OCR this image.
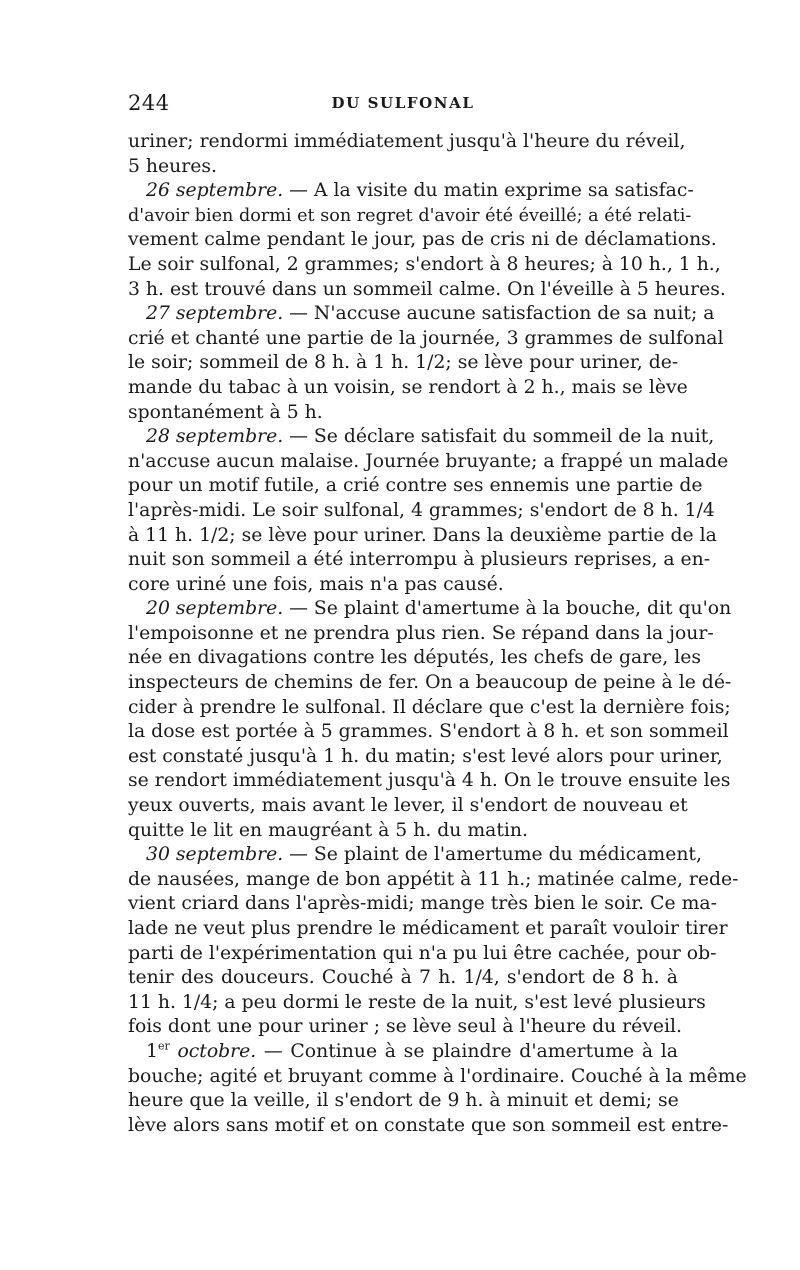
244	DU SULFONAL
uriner; rendormi immédiatement jusqu'à l'heure du réveil,
5 heures.
26 septembre. — A la visite du matin exprime sa satisfac-
d'avoir bien dormi et son regret d'avoir été éveillé; a été relati-
vement calme pendant le jour, pas de cris ni de déclamations.
Le soir sulfonal, 2 grammes; s'endort à 8 heures; à 10 h., 1 h.,
3 h. est trouvé dans un sommeil calme. On l'éveille à 5 heures.
27 septembre. — N'accuse aucune satisfaction de sa nuit; a
crié et chanté une partie de la journée, 3 grammes de sulfonal
le soir; sommeil de 8 h. à 1 h. 1/2; se lève pour uriner, de-
mande du tabac à un voisin, se rendort à 2 h., mais se lève
spontanément à 5 h.
28 septembre. — Se déclare satisfait du sommeil de la nuit,
n'accuse aucun malaise. Journée bruyante; a frappé un malade
pour un motif futile, a crié contre ses ennemis une partie de
l'après-midi. Le soir sulfonal, 4 grammes; s'endort de 8 h. 1/4
à 11 h. 1/2; se lève pour uriner. Dans la deuxième partie de la
nuit son sommeil a été interrompu à plusieurs reprises, a en-
core uriné une fois, mais n'a pas causé.
20 septembre. — Se plaint d'amertume à la bouche, dit qu'on
l'empoisonne et ne prendra plus rien. Se répand dans la jour-
née en divagations contre les députés, les chefs de gare, les
inspecteurs de chemins de fer. On a beaucoup de peine à le dé-
cider à prendre le sulfonal. Il déclare que c'est la dernière fois;
la dose est portée à 5 grammes. S'endort à 8 h. et son sommeil
est constaté jusqu'à 1 h. du matin; s'est levé alors pour uriner,
se rendort immédiatement jusqu'à 4 h. On le trouve ensuite les
yeux ouverts, mais avant le lever, il s'endort de nouveau et
quitte le lit en maugréant à 5 h. du matin.
30 septembre. — Se plaint de l'amertume du médicament,
de nausées, mange de bon appétit à 11 h.; matinée calme, rede-
vient criard dans l'après-midi; mange très bien le soir. Ce ma-
lade ne veut plus prendre le médicament et paraît vouloir tirer
parti de l'expérimentation qui n'a pu lui être cachée, pour ob-
tenir des douceurs. Couché à 7 h. 1/4, s'endort de 8 h. à
11 h. 1/4; a peu dormi le reste de la nuit, s'est levé plusieurs
fois dont une pour uriner ; se lève seul à l'heure du réveil.
1er octobre. — Continue à se plaindre d'amertume à la
bouche; agité et bruyant comme à l'ordinaire. Couché à la même
heure que la veille, il s'endort de 9 h. à minuit et demi; se
lève alors sans motif et on constate que son sommeil est entre-
